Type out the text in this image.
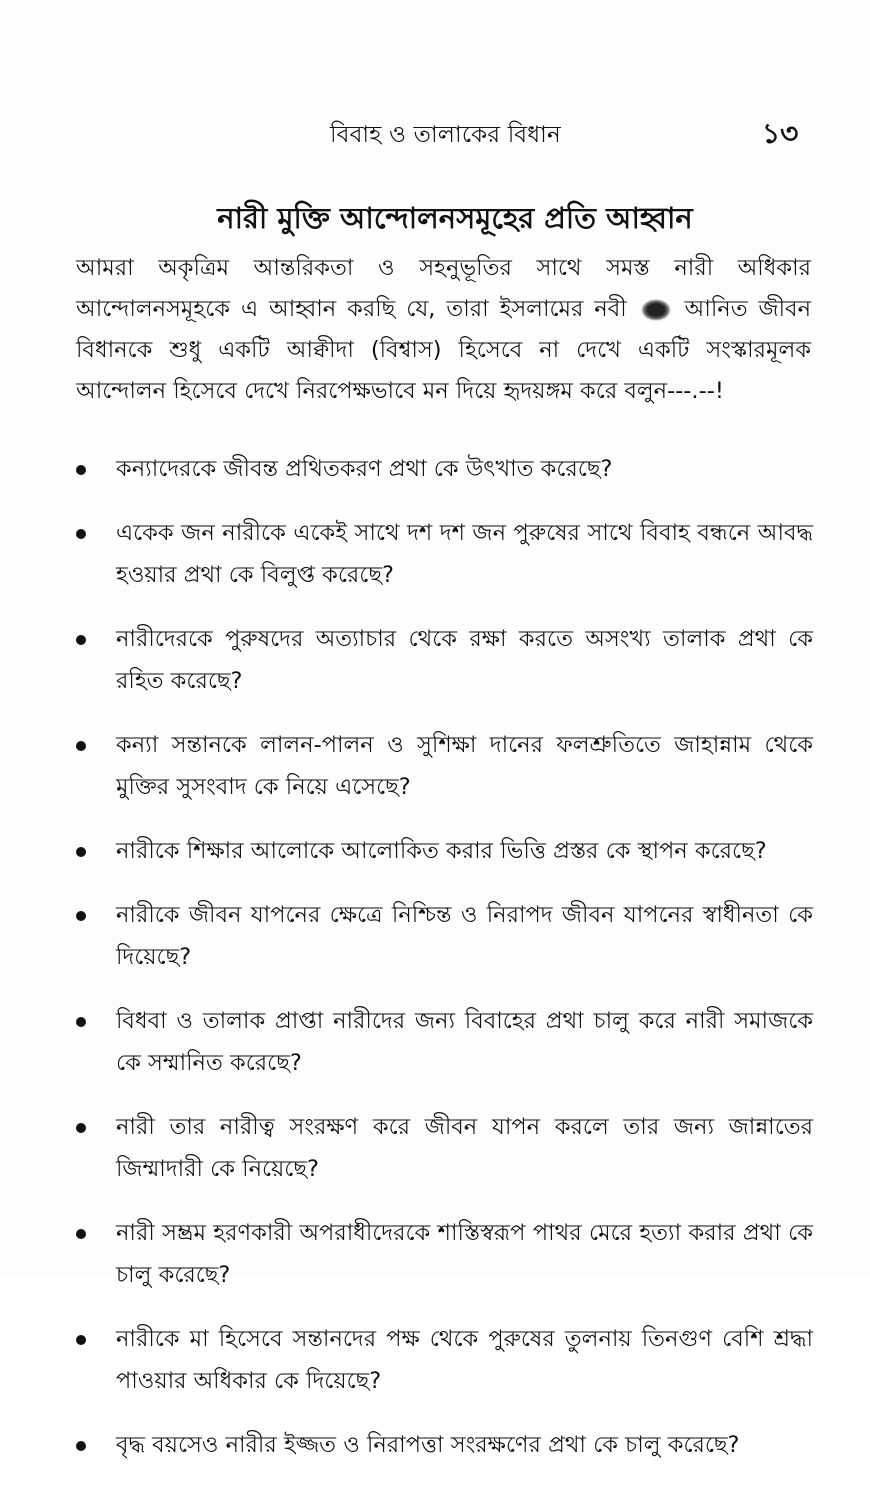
বিবাহ ও তালাকের বিধান	১৩
নারী মুক্তি আন্দোলনসমূহের প্রতি আহ্বান

আমরা অকৃত্রিম আন্তরিকতা ও সহনুভূতির সাথে সমস্ত নারী অধিকার আন্দোলনসমূহকে এ আহ্বান করছি যে, তারা ইসলামের নবী	আনিত জীবন বিধানকে শুধু একটি আক্বীদা (বিশ্বাস) হিসেবে না দেখে একটি সংস্কারমূলক আন্দোলন হিসেবে দেখে নিরপেক্ষভাবে মন দিয়ে হৃদয়ঙ্গম করে বলুন---.--!

কন্যাদেরকে জীবন্ত প্রথিতকরণ প্রথা কে উৎখাত করেছে?
একেক জন নারীকে একেই সাথে দশ দশ জন পুরুষের সাথে বিবাহ বন্ধনে আবদ্ধ হওয়ার প্রথা কে বিলুপ্ত করেছে?
নারীদেরকে পুরুষদের অত্যাচার থেকে রক্ষা করতে অসংখ্য তালাক প্রথা কে রহিত করেছে?
কন্যা সন্তানকে লালন-পালন ও সুশিক্ষা দানের ফলশ্রুতিতে জাহান্নাম থেকে মুক্তির সুসংবাদ কে নিয়ে এসেছে?
নারীকে শিক্ষার আলোকে আলোকিত করার ভিত্তি প্রস্তর কে স্থাপন করেছে?
নারীকে জীবন যাপনের ক্ষেত্রে নিশ্চিন্ত ও নিরাপদ জীবন যাপনের স্বাধীনতা কে দিয়েছে?
বিধবা ও তালাক প্রাপ্তা নারীদের জন্য বিবাহের প্রথা চালু করে নারী সমাজকে কে সম্মানিত করেছে?
নারী তার নারীত্ব সংরক্ষণ করে জীবন যাপন করলে তার জন্য জান্নাতের জিম্মাদারী কে নিয়েছে?
নারী সম্ভ্রম হরণকারী অপরাধীদেরকে শাস্তিস্বরূপ পাথর মেরে হত্যা করার প্রথা কে চালু করেছে?
নারীকে মা হিসেবে সন্তানদের পক্ষ থেকে পুরুষের তুলনায় তিনগুণ বেশি শ্রদ্ধা পাওয়ার অধিকার কে দিয়েছে?
বৃদ্ধ বয়সেও নারীর ইজ্জত ও নিরাপত্তা সংরক্ষণের প্রথা কে চালু করেছে?
